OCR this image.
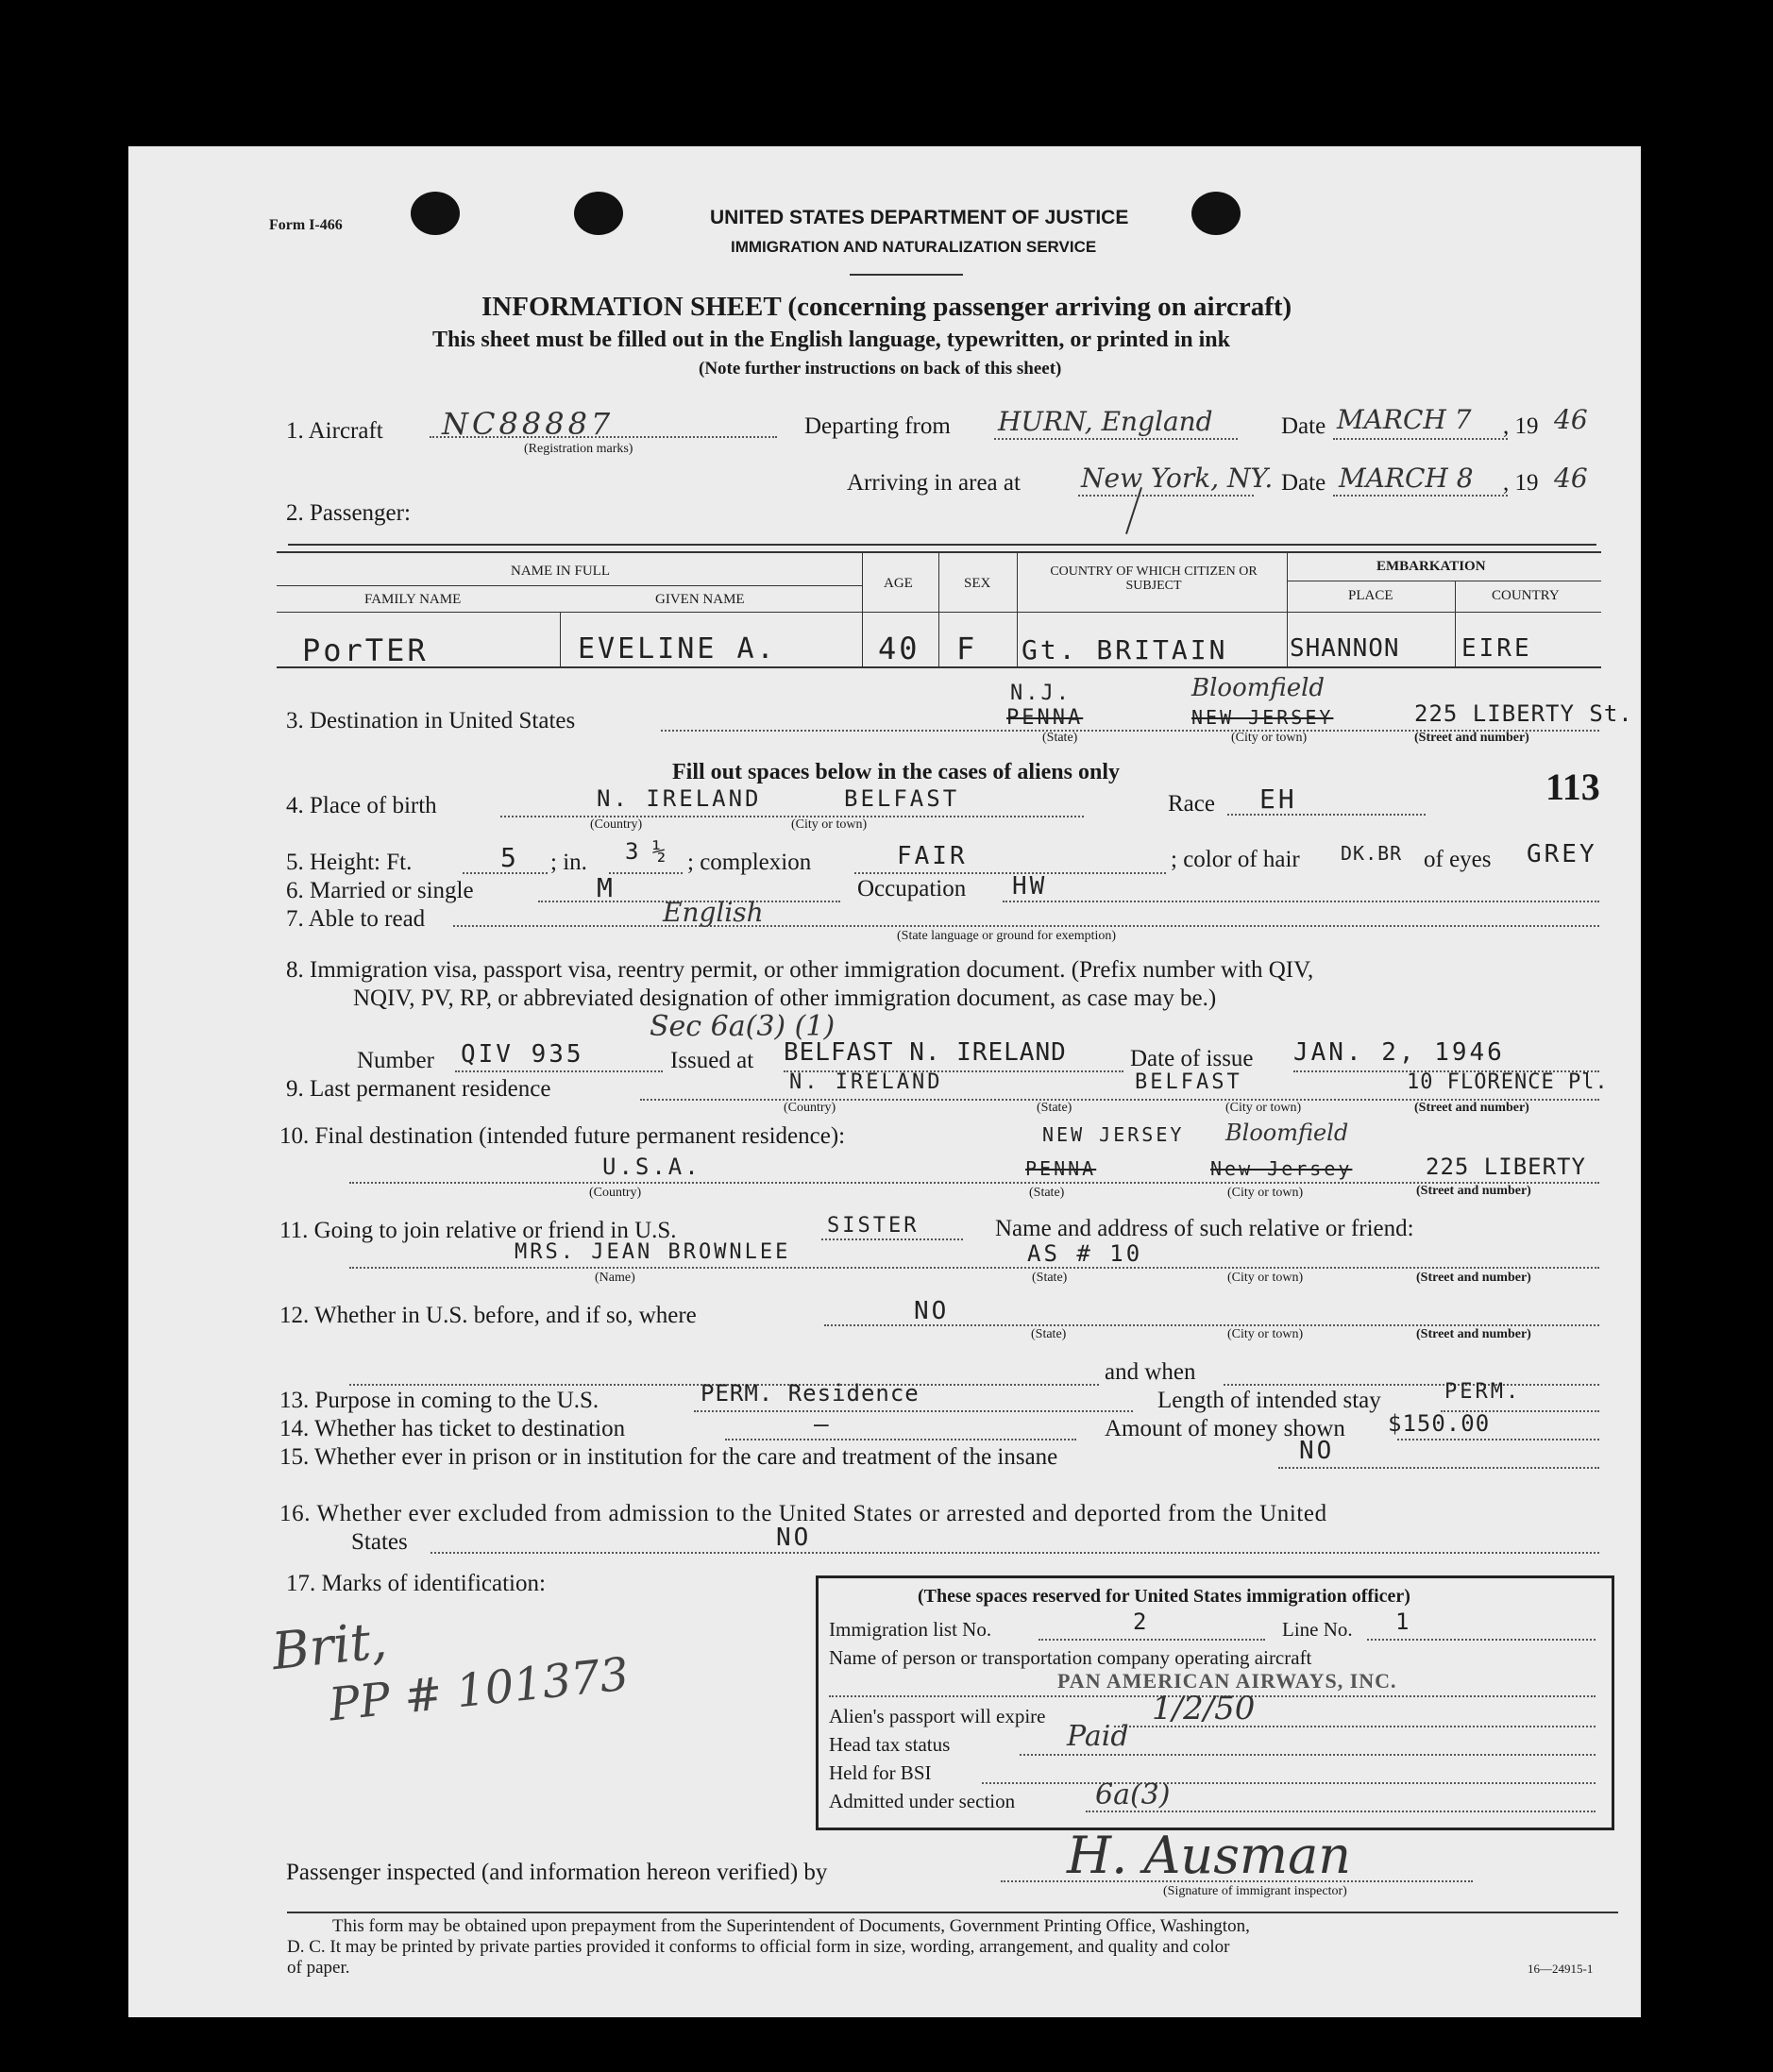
Form I-466	UNITED STATES DEPARTMENT OF JUSTICE
IMMIGRATION AND NATURALIZATION SERVICE
INFORMATION SHEET (concerning passenger arriving on aircraft)
This sheet must be filled out in the English language, typewritten, or printed in ink
(Note further instructions on back of this sheet)
1. Aircraft NC88887
(Registration marks)
Departing from HURN, England	Date MARCH 7 , 19 46
Arriving in area at New York, NY. Date MARCH 8 , 19 46
2. Passenger:
NAME IN FULL
FAMILY NAME	GIVEN NAME
AGE	SEX
COUNTRY OF WHICH CITIZEN OR SUBJECT
EMBARKATION
PLACE	COUNTRY
PorTER	EVELINE A.	40 F Gt. BRITAIN	SHANNON	EIRE
3. Destination in United States
N.J.
PENNA
Bloomfield
NEW JERSEY	225 LIBERTY St.
(State)	(City or town)	(Street and number)
Fill out spaces below in the cases of aliens only	113
4. Place of birth	N. IRELAND	BELFAST
(Country)	(City or town)
Race EH
5. Height: Ft.	5 ; in. 3 ½ ; complexion	FAIR	; color of hair DK.BR of eyes GREY
6. Married or single	M	Occupation HW
7. Able to read	English
(State language or ground for exemption)
8. Immigration visa, passport visa, reentry permit, or other immigration document. (Prefix number with QIV,
NQIV, PV, RP, or abbreviated designation of other immigration document, as case may be.)
Sec 6a(3) (1)
Number QIV 935	Issued at BELFAST N. IRELAND	Date of issue JAN. 2, 1946
9. Last permanent residence	N. IRELAND	BELFAST	10 FLORENCE Pl.
(Country)	(State)	(City or town)	(Street and number)
10. Final destination (intended future permanent residence):	NEW JERSEY Bloomfield
U.S.A.	PENNA	New Jersey	225 LIBERTY
(Country)	(State)	(City or town)	(Street and number)
11. Going to join relative or friend in U.S.	SISTER	Name and address of such relative or friend:
MRS. JEAN BROWNLEE	AS # 10
(Name)	(State)	(City or town)	(Street and number)
12. Whether in U.S. before, and if so, where	NO
(State)	(City or town)	(Street and number)
and when
13. Purpose in coming to the U.S.	PERM. Residence	Length of intended stay	PERM.
14. Whether has ticket to destination	—	Amount of money shown $150.00
15. Whether ever in prison or in institution for the care and treatment of the insane	NO
16. Whether ever excluded from admission to the United States or arrested and deported from the United
States	NO
17. Marks of identification:
Brit,
PP # 101373
(These spaces reserved for United States immigration officer)
Immigration list No.	2	Line No. 1
Name of person or transportation company operating aircraft
PAN AMERICAN AIRWAYS, INC.
Alien's passport will expire	1/2/50
Head tax status	Paid
Held for BSI
Admitted under section	6a(3)
Passenger inspected (and information hereon verified) by	H. Ausman
(Signature of immigrant inspector)
This form may be obtained upon prepayment from the Superintendent of Documents, Government Printing Office, Washington,
D. C. It may be printed by private parties provided it conforms to official form in size, wording, arrangement, and quality and color
of paper.	16—24915-1
